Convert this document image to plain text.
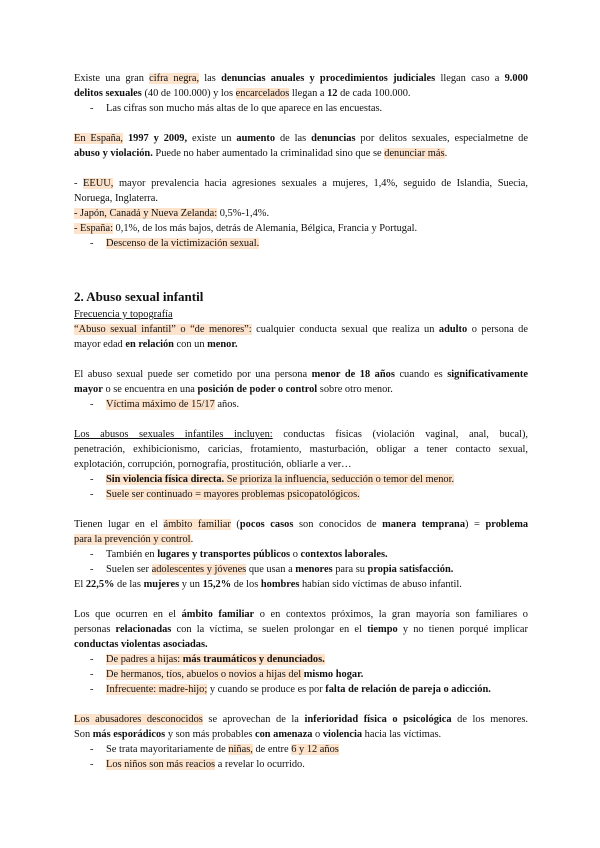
Existe una gran cifra negra, las denuncias anuales y procedimientos judiciales llegan caso a 9.000
delitos sexuales (40 de 100.000) y los encarcelados llegan a 12 de cada 100.000.
- Las cifras son mucho más altas de lo que aparece en las encuestas.
En España, 1997 y 2009, existe un aumento de las denuncias por delitos sexuales, especialmetne de
abuso y violación. Puede no haber aumentado la criminalidad sino que se denunciar más.
- EEUU, mayor prevalencia hacia agresiones sexuales a mujeres, 1,4%, seguido de Islandia, Suecia,
Noruega, Inglaterra.
- Japón, Canadá y Nueva Zelanda: 0,5%-1,4%.
- España: 0,1%, de los más bajos, detrás de Alemania, Bélgica, Francia y Portugal.
- Descenso de la victimización sexual.
2. Abuso sexual infantil
Frecuencia y topografía
“Abuso sexual infantil” o “de menores”: cualquier conducta sexual que realiza un adulto o persona de
mayor edad en relación con un menor.
El abuso sexual puede ser cometido por una persona menor de 18 años cuando es significativamente
mayor o se encuentra en una posición de poder o control sobre otro menor.
- Víctima máximo de 15/17 años.
Los abusos sexuales infantiles incluyen: conductas físicas (violación vaginal, anal, bucal),
penetración, exhibicionismo, caricias, frotamiento, masturbación, obligar a tener contacto sexual,
explotación, corrupción, pornografía, prostitución, obliarle a ver…
- Sin violencia física directa. Se prioriza la influencia, seducción o temor del menor.
- Suele ser continuado = mayores problemas psicopatológicos.
Tienen lugar en el ámbito familiar (pocos casos son conocidos de manera temprana) = problema
para la prevención y control.
- También en lugares y transportes públicos o contextos laborales.
- Suelen ser adolescentes y jóvenes que usan a menores para su propia satisfacción.
El 22,5% de las mujeres y un 15,2% de los hombres habían sido víctimas de abuso infantil.
Los que ocurren en el ámbito familiar o en contextos próximos, la gran mayoría son familiares o
personas relacionadas con la víctima, se suelen prolongar en el tiempo y no tienen porqué implicar
conductas violentas asociadas.
- De padres a hijas: más traumáticos y denunciados.
- De hermanos, tíos, abuelos o novios a hijas del mismo hogar.
- Infrecuente: madre-hijo; y cuando se produce es por falta de relación de pareja o adicción.
Los abusadores desconocidos se aprovechan de la inferioridad física o psicológica de los menores.
Son más esporádicos y son más probables con amenaza o violencia hacia las víctimas.
- Se trata mayoritariamente de niñas, de entre 6 y 12 años
- Los niños son más reacios a revelar lo ocurrido.
